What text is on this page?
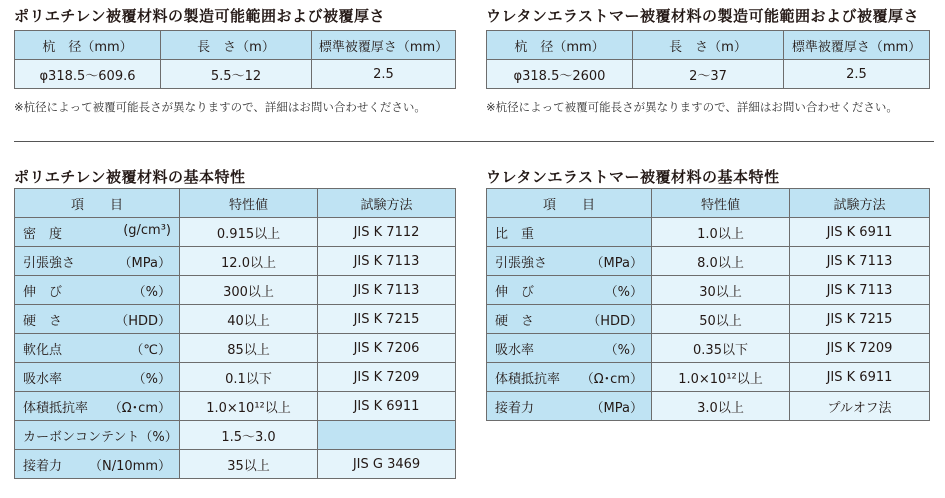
ポリエチレン被覆材料の製造可能範囲および被覆厚さ
杭　径（mm）	長　さ（m）	標準被覆厚さ（mm）
φ318.5〜609.6	5.5〜12	2.5
※杭径によって被覆可能長さが異なりますので、詳細はお問い合わせください。
ウレタンエラストマー被覆材料の製造可能範囲および被覆厚さ
杭　径（mm）	長　さ（m）	標準被覆厚さ（mm）
φ318.5〜2600	2〜37	2.5
※杭径によって被覆可能長さが異なりますので、詳細はお問い合わせください。
ポリエチレン被覆材料の基本特性
項　　目	特性値	試験方法

密　度 (g/cm³)	0.915以上	JIS K 7112

引張強さ （MPa）	12.0以上	JIS K 7113

伸　び （%）	300以上	JIS K 7113

硬　さ （HDD）	40以上	JIS K 7215

軟化点 （℃）	85以上	JIS K 7206

吸水率 （%）	0.1以下	JIS K 7209

体積抵抗率 （Ω･cm）	1.0×10¹²以上	JIS K 6911

カーボンコンテント （%）	1.5〜3.0	

接着力 （N/10mm）	35以上	JIS G 3469
ウレタンエラストマー被覆材料の基本特性
項　　目	特性値	試験方法

比　重	1.0以上	JIS K 6911

引張強さ （MPa）	8.0以上	JIS K 7113

伸　び （%）	30以上	JIS K 7113

硬　さ （HDD）	50以上	JIS K 7215

吸水率 （%）	0.35以下	JIS K 7209

体積抵抗率 （Ω･cm）	1.0×10¹²以上	JIS K 6911

接着力 （MPa）	3.0以上	プルオフ法
